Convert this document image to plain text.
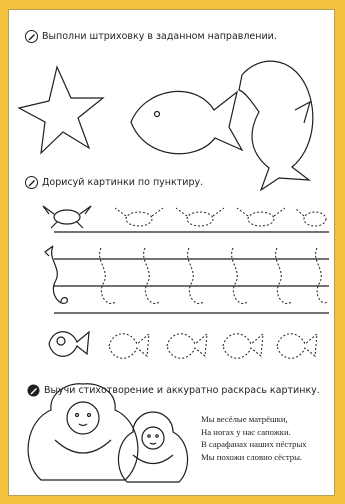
Выполни штриховку в заданном направлении.
Дорисуй картинки по пунктиру.
Выучи стихотворение и аккуратно раскрась картинку.
Мы весёлые матрёшки,
На ногах у нас сапожки.
В сарафанах наших пёстрых
Мы похожи словно сёстры.
